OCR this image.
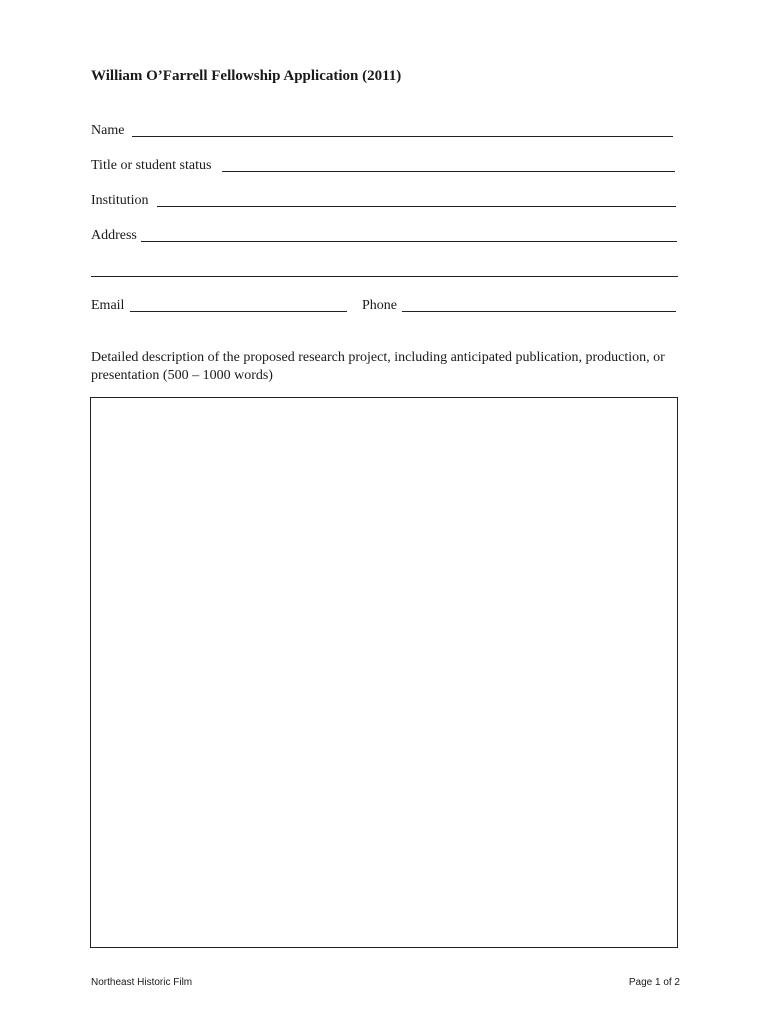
William O’Farrell Fellowship Application (2011)
Name
Title or student status
Institution
Address
Email	Phone
Detailed description of the proposed research project, including anticipated publication, production, or presentation (500 – 1000 words)
Northeast Historic Film	Page 1 of 2
